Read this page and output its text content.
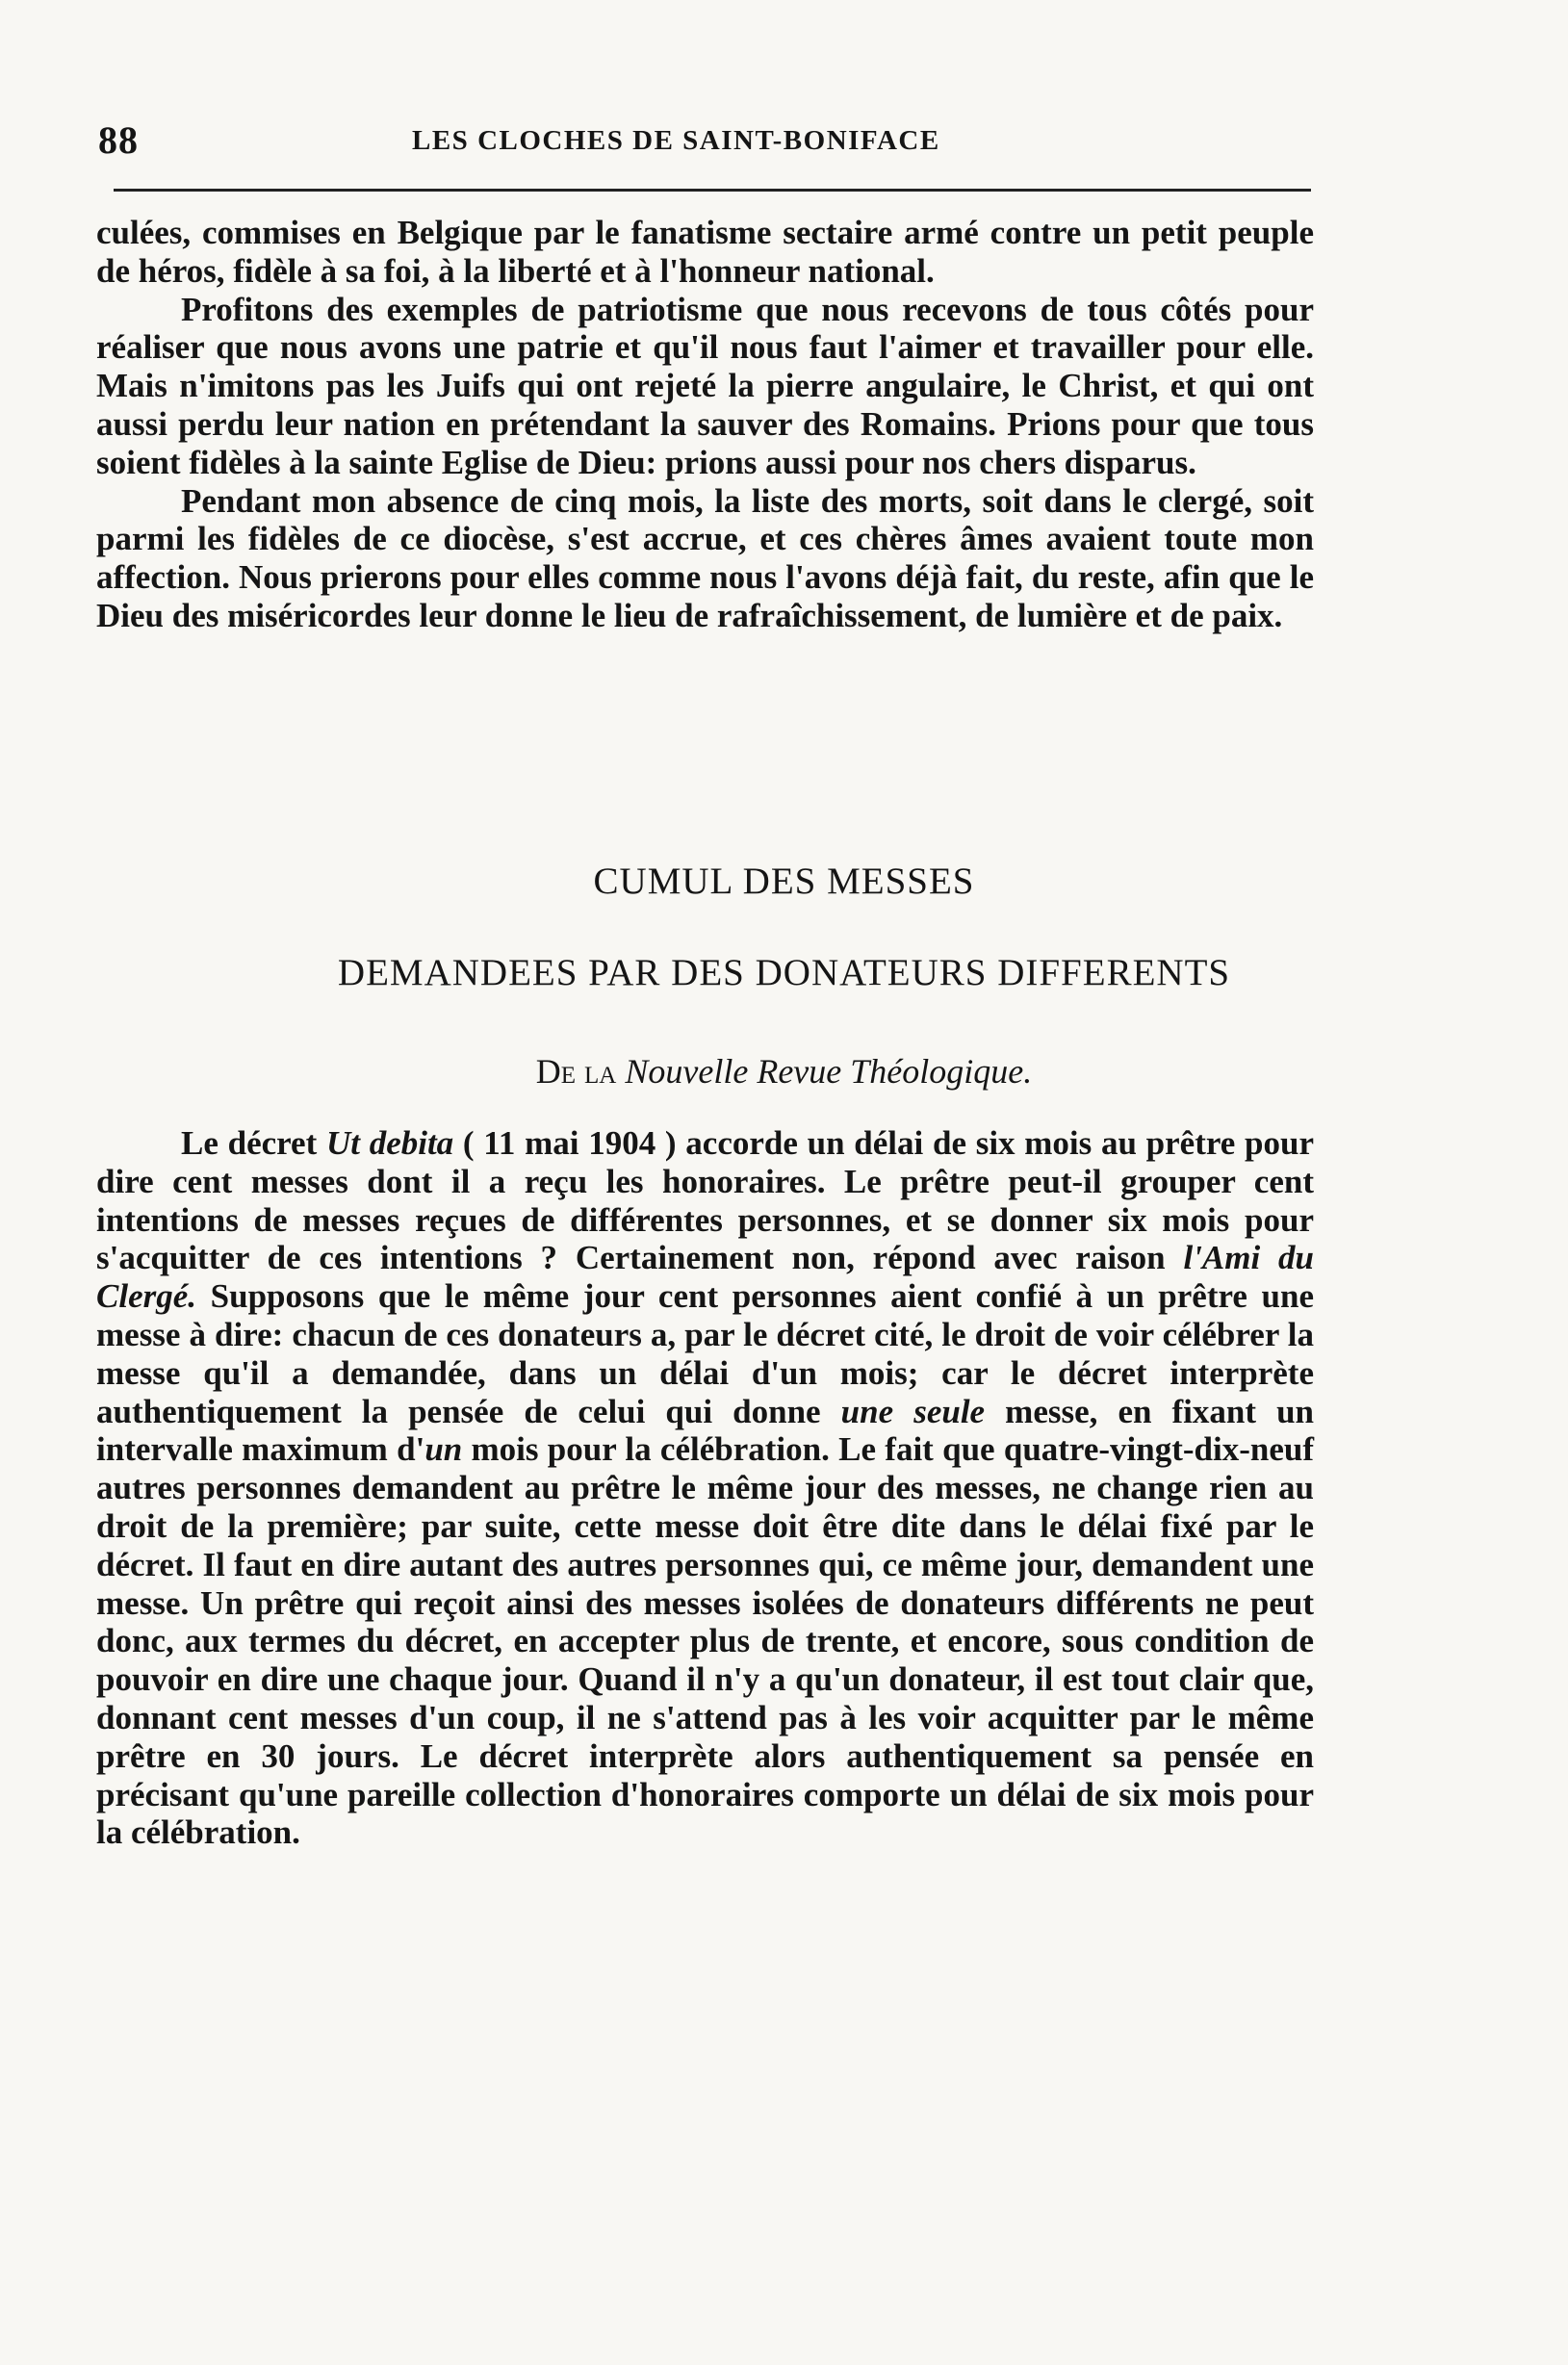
88	LES CLOCHES DE SAINT-BONIFACE

culées, commises en Belgique par le fanatisme sectaire armé contre un petit peuple de héros, fidèle à sa foi, à la liberté et à l'honneur national.

Profitons des exemples de patriotisme que nous recevons de tous côtés pour réaliser que nous avons une patrie et qu'il nous faut l'aimer et travailler pour elle. Mais n'imitons pas les Juifs qui ont rejeté la pierre angulaire, le Christ, et qui ont aussi perdu leur nation en prétendant la sauver des Romains. Prions pour que tous soient fidèles à la sainte Eglise de Dieu: prions aussi pour nos chers disparus.

Pendant mon absence de cinq mois, la liste des morts, soit dans le clergé, soit parmi les fidèles de ce diocèse, s'est accrue, et ces chères âmes avaient toute mon affection. Nous prierons pour elles comme nous l'avons déjà fait, du reste, afin que le Dieu des miséricordes leur donne le lieu de rafraîchissement, de lumière et de paix.

CUMUL DES MESSES
DEMANDEES PAR DES DONATEURS DIFFERENTS
De la Nouvelle Revue Théologique.

Le décret Ut debita ( 11 mai 1904 ) accorde un délai de six mois au prêtre pour dire cent messes dont il a reçu les honoraires. Le prêtre peut-il grouper cent intentions de messes reçues de différentes personnes, et se donner six mois pour s'acquitter de ces intentions ? Certainement non, répond avec raison l'Ami du Clergé. Supposons que le même jour cent personnes aient confié à un prêtre une messe à dire: chacun de ces donateurs a, par le décret cité, le droit de voir célébrer la messe qu'il a demandée, dans un délai d'un mois; car le décret interprète authentiquement la pensée de celui qui donne une seule messe, en fixant un intervalle maximum d'un mois pour la célébration. Le fait que quatre-vingt-dix-neuf autres personnes demandent au prêtre le même jour des messes, ne change rien au droit de la première; par suite, cette messe doit être dite dans le délai fixé par le décret. Il faut en dire autant des autres personnes qui, ce même jour, demandent une messe. Un prêtre qui reçoit ainsi des messes isolées de donateurs différents ne peut donc, aux termes du décret, en accepter plus de trente, et encore, sous condition de pouvoir en dire une chaque jour. Quand il n'y a qu'un donateur, il est tout clair que, donnant cent messes d'un coup, il ne s'attend pas à les voir acquitter par le même prêtre en 30 jours. Le décret interprète alors authentiquement sa pensée en précisant qu'une pareille collection d'honoraires comporte un délai de six mois pour la célébration.
